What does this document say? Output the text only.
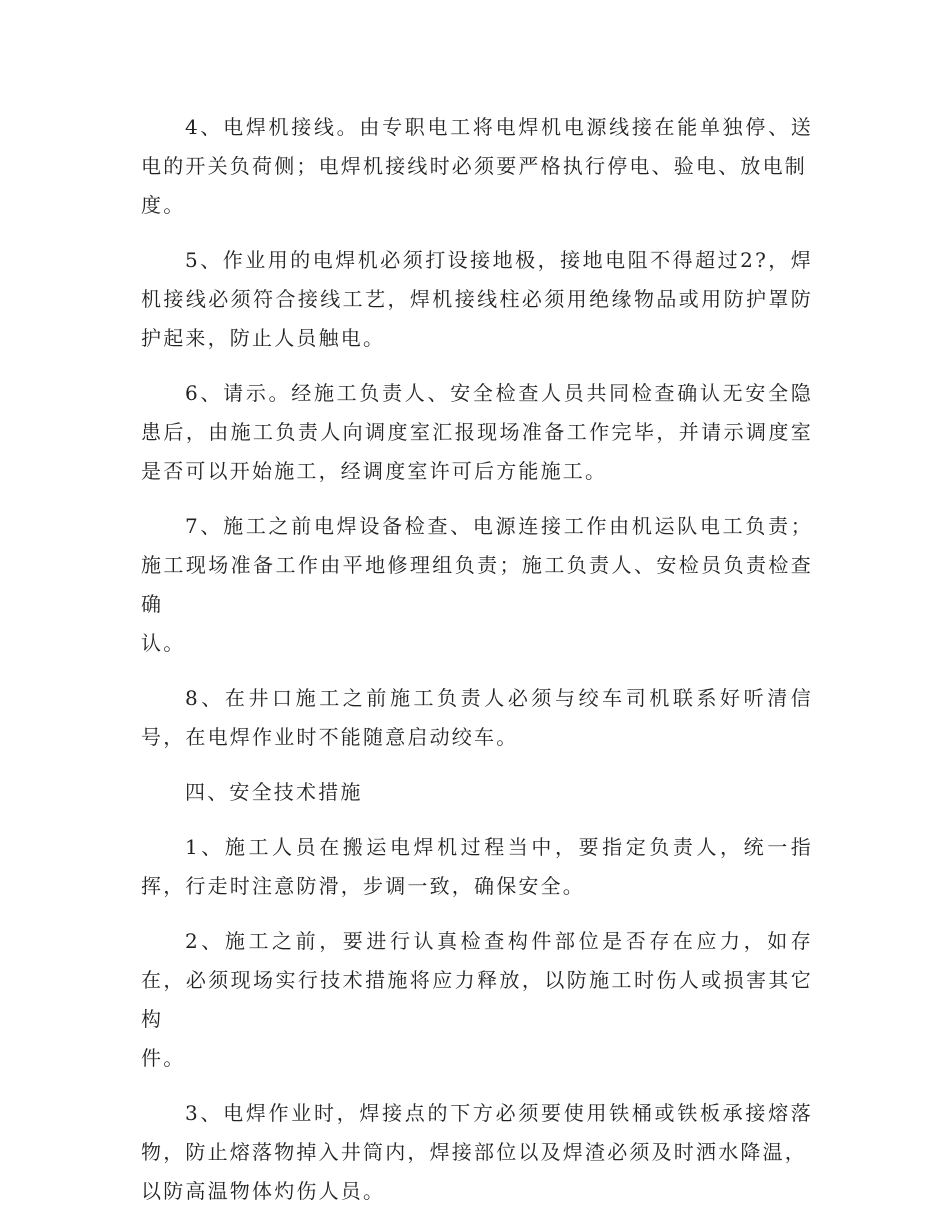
4、电焊机接线。由专职电工将电焊机电源线接在能单独停、送电的开关负荷侧；电焊机接线时必须要严格执行停电、验电、放电制
度。

5、作业用的电焊机必须打设接地极，接地电阻不得超过2?，焊机接线必须符合接线工艺，焊机接线柱必须用绝缘物品或用防护罩防护起来，防止人员触电。

6、请示。经施工负责人、安全检查人员共同检查确认无安全隐患后，由施工负责人向调度室汇报现场准备工作完毕，并请示调度室是否可以开始施工，经调度室许可后方能施工。

7、施工之前电焊设备检查、电源连接工作由机运队电工负责；施工现场准备工作由平地修理组负责；施工负责人、安检员负责检查确
认。

8、在井口施工之前施工负责人必须与绞车司机联系好听清信号，在电焊作业时不能随意启动绞车。

四、安全技术措施

1、施工人员在搬运电焊机过程当中，要指定负责人，统一指挥，行走时注意防滑，步调一致，确保安全。

2、施工之前，要进行认真检查构件部位是否存在应力，如存在，必须现场实行技术措施将应力释放，以防施工时伤人或损害其它构
件。

3、电焊作业时，焊接点的下方必须要使用铁桶或铁板承接熔落物，防止熔落物掉入井筒内，焊接部位以及焊渣必须及时洒水降温，
以防高温物体灼伤人员。
